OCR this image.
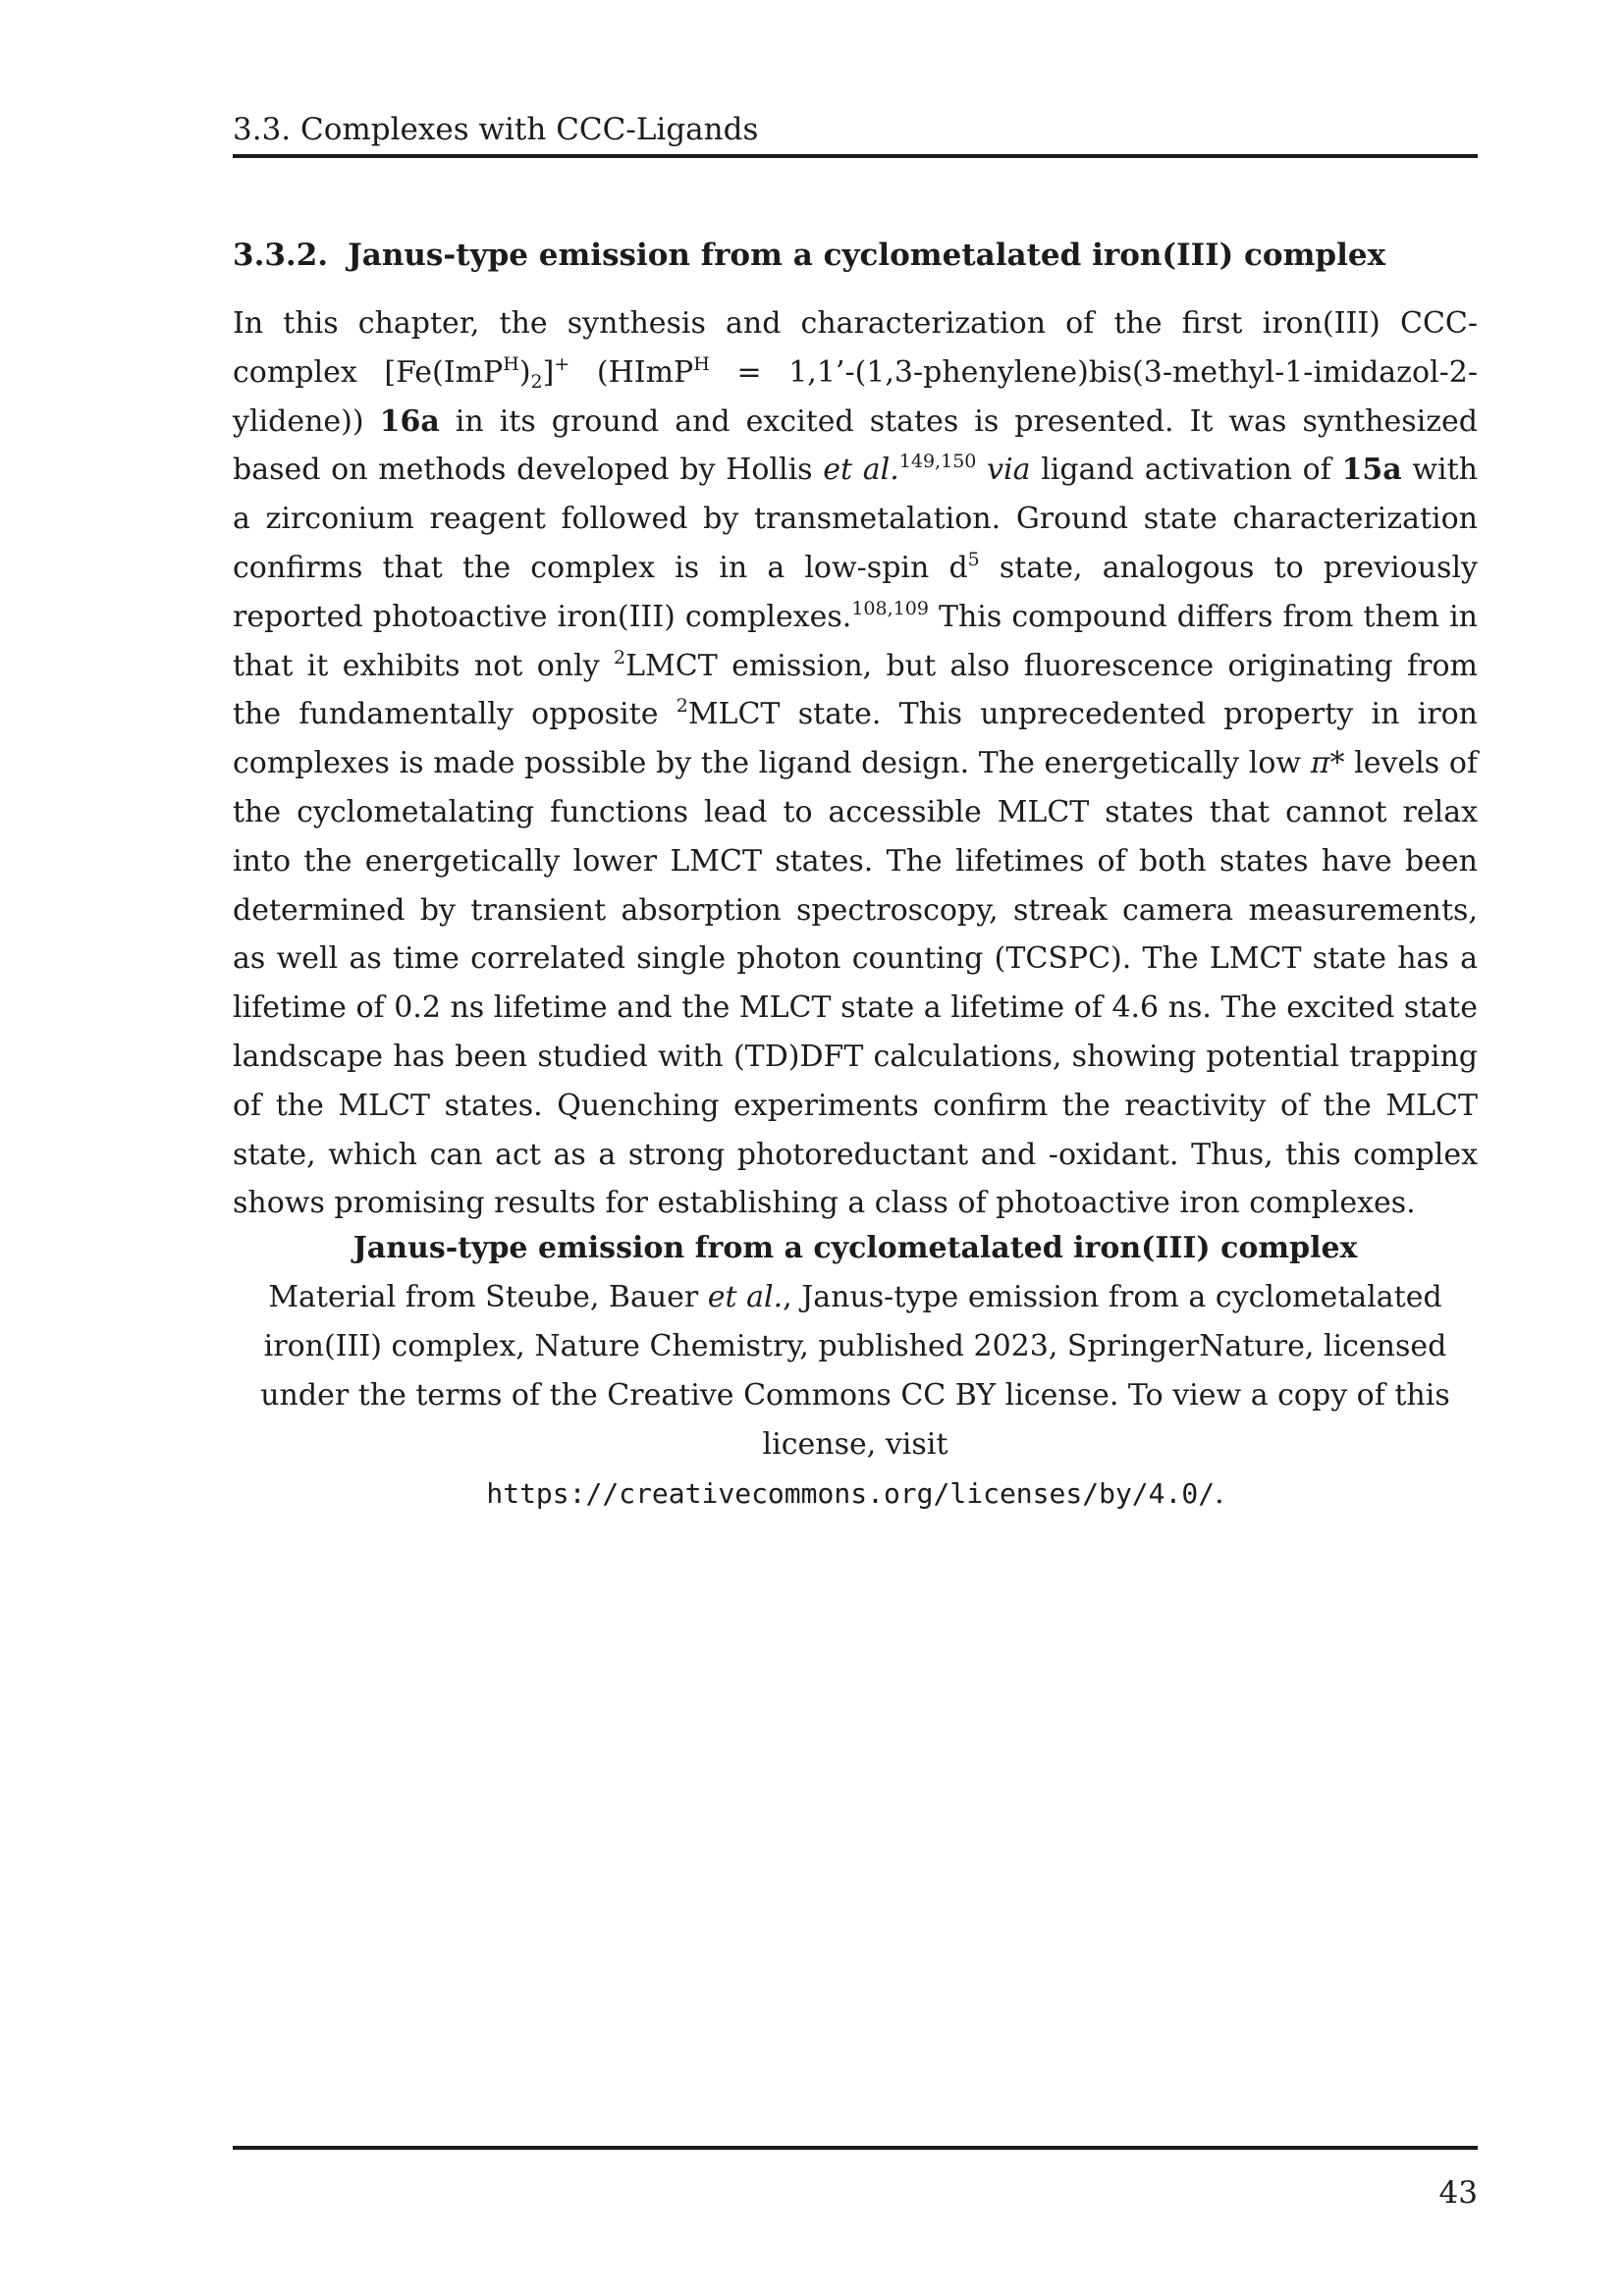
3.3. Complexes with CCC-Ligands
3.3.2. Janus-type emission from a cyclometalated iron(III) complex
In this chapter, the synthesis and characterization of the first iron(III) CCC-complex $[Fe(ImP^H)_2]^+$ (HImP$^H$ = 1,1’-(1,3-phenylene)bis(3-methyl-1-imidazol-2-ylidene)) 16a in its ground and excited states is presented. It was synthesized based on methods developed by Hollis et al.$^{149,150}$ via ligand activation of 15a with a zirconium reagent followed by transmetalation. Ground state characterization confirms that the complex is in a low-spin $d^5$ state, analogous to previously reported photoactive iron(III) complexes.$^{108,109}$ This compound differs from them in that it exhibits not only $^2$LMCT emission, but also fluorescence originating from the fundamentally opposite $^2$MLCT state. This unprecedented property in iron complexes is made possible by the ligand design. The energetically low π* levels of the cyclometalating functions lead to accessible MLCT states that cannot relax into the energetically lower LMCT states. The lifetimes of both states have been determined by transient absorption spectroscopy, streak camera measurements, as well as time correlated single photon counting (TCSPC). The LMCT state has a lifetime of 0.2 ns lifetime and the MLCT state a lifetime of 4.6 ns. The excited state landscape has been studied with (TD)DFT calculations, showing potential trapping of the MLCT states. Quenching experiments confirm the reactivity of the MLCT state, which can act as a strong photoreductant and -oxidant. Thus, this complex shows promising results for establishing a class of photoactive iron complexes.
Janus-type emission from a cyclometalated iron(III) complex
Material from Steube, Bauer et al., Janus-type emission from a cyclometalated iron(III) complex, Nature Chemistry, published 2023, SpringerNature, licensed under the terms of the Creative Commons CC BY license. To view a copy of this license, visit
https://creativecommons.org/licenses/by/4.0/.
43
